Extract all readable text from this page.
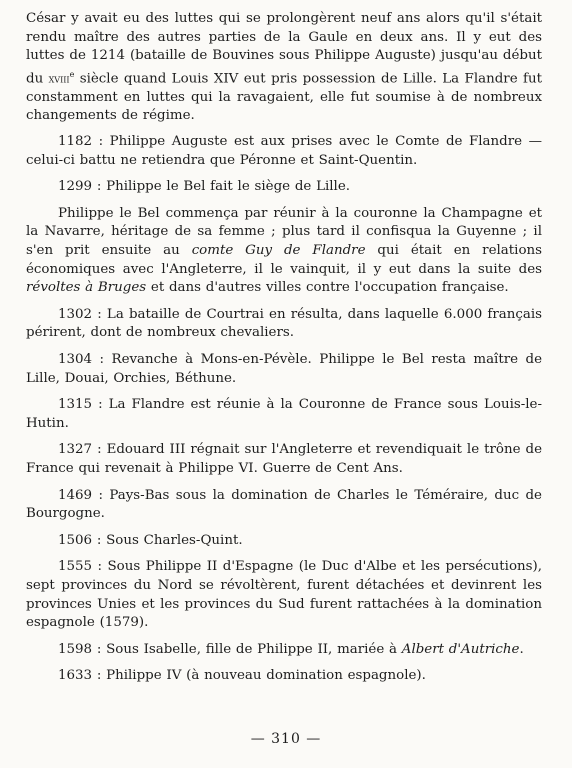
César y avait eu des luttes qui se prolongèrent neuf ans alors qu'il s'était rendu maître des autres parties de la Gaule en deux ans. Il y eut des luttes de 1214 (bataille de Bouvines sous Philippe Auguste) jusqu'au début du xviii$^e$ siècle quand Louis XIV eut pris possession de Lille. La Flandre fut constamment en luttes qui la ravagaient, elle fut soumise à de nombreux changements de régime.

1182 : Philippe Auguste est aux prises avec le Comte de Flandre — celui-ci battu ne retiendra que Péronne et Saint-Quentin.

1299 : Philippe le Bel fait le siège de Lille.

Philippe le Bel commença par réunir à la couronne la Champagne et la Navarre, héritage de sa femme ; plus tard il confisqua la Guyenne ; il s'en prit ensuite au comte Guy de Flandre qui était en relations économiques avec l'Angleterre, il le vainquit, il y eut dans la suite des révoltes à Bruges et dans d'autres villes contre l'occupation française.

1302 : La bataille de Courtrai en résulta, dans laquelle 6.000 français périrent, dont de nombreux chevaliers.

1304 : Revanche à Mons-en-Pévèle. Philippe le Bel resta maître de Lille, Douai, Orchies, Béthune.

1315 : La Flandre est réunie à la Couronne de France sous Louis-le-Hutin.

1327 : Edouard III régnait sur l'Angleterre et revendiquait le trône de France qui revenait à Philippe VI. Guerre de Cent Ans.

1469 : Pays-Bas sous la domination de Charles le Téméraire, duc de Bourgogne.

1506 : Sous Charles-Quint.

1555 : Sous Philippe II d'Espagne (le Duc d'Albe et les persécutions), sept provinces du Nord se révoltèrent, furent détachées et devinrent les provinces Unies et les provinces du Sud furent rattachées à la domination espagnole (1579).

1598 : Sous Isabelle, fille de Philippe II, mariée à Albert d'Autriche.

1633 : Philippe IV (à nouveau domination espagnole).

— 310 —
